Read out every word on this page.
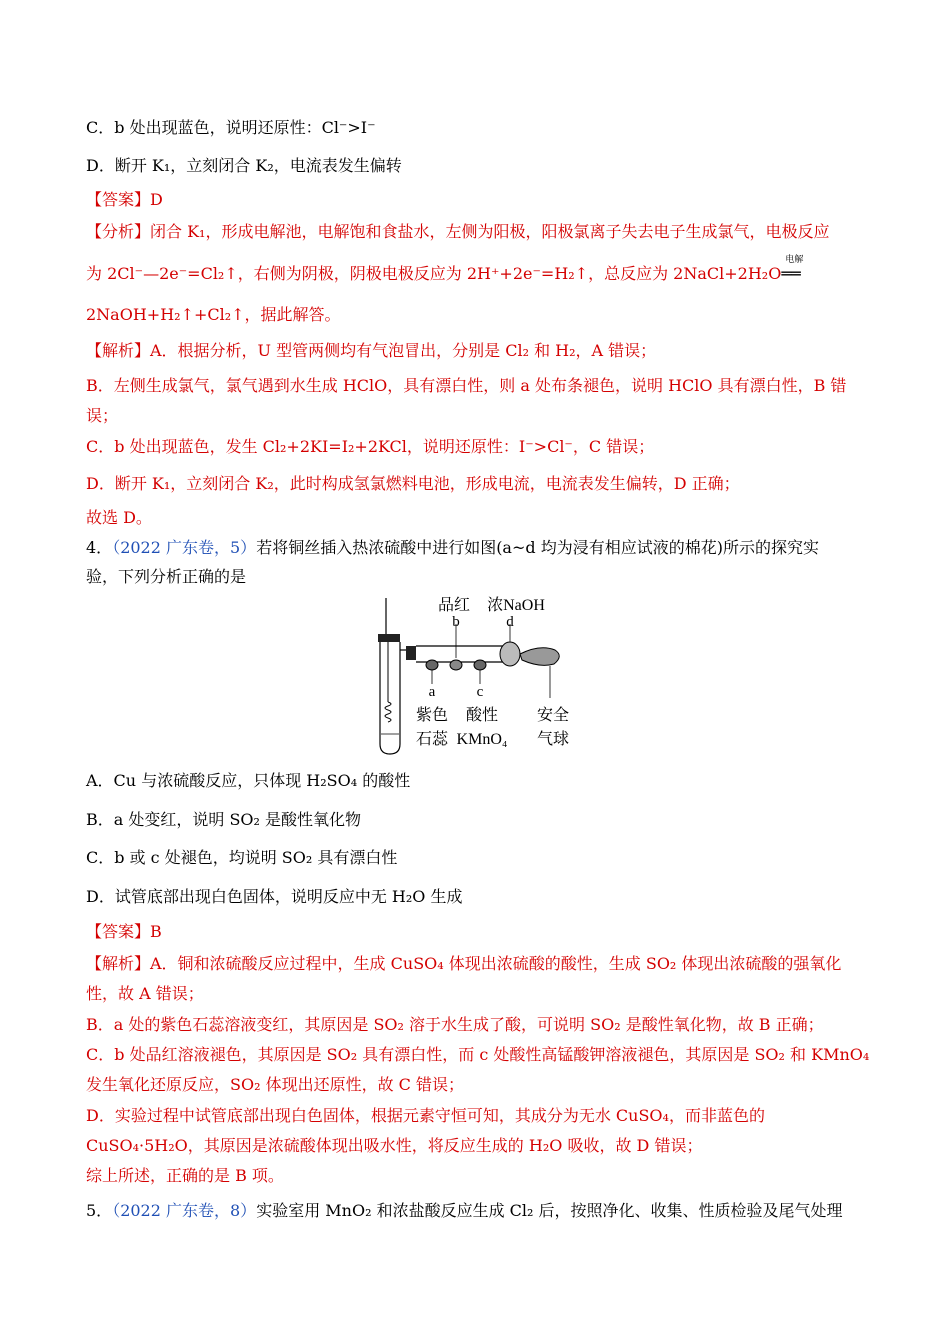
C．b 处出现蓝色，说明还原性：Cl⁻>I⁻
D．断开 K₁，立刻闭合 K₂，电流表发生偏转
【答案】D
【分析】闭合 K₁，形成电解池，电解饱和食盐水，左侧为阳极，阳极氯离子失去电子生成氯气，电极反应
为 2Cl⁻—2e⁻=Cl₂↑，右侧为阴极，阴极电极反应为 2H⁺+2e⁻=H₂↑，总反应为 2NaCl+2H₂O
电解
══
2NaOH+H₂↑+Cl₂↑，据此解答。
【解析】A．根据分析，U 型管两侧均有气泡冒出，分别是 Cl₂ 和 H₂，A 错误；
B．左侧生成氯气，氯气遇到水生成 HClO，具有漂白性，则 a 处布条褪色，说明 HClO 具有漂白性，B 错
误；
C．b 处出现蓝色，发生 Cl₂+2KI=I₂+2KCl，说明还原性：I⁻>Cl⁻，C 错误；
D．断开 K₁，立刻闭合 K₂，此时构成氢氯燃料电池，形成电流，电流表发生偏转，D 正确；
故选 D。
4．（2022 广东卷，5）若将铜丝插入热浓硫酸中进行如图(a~d 均为浸有相应试液的棉花)所示的探究实
验，下列分析正确的是
品红 浓NaOH
b	d
a	c
紫色
石蕊
酸性
KMnO₄
安全
气球
A．Cu 与浓硫酸反应，只体现 H₂SO₄ 的酸性
B．a 处变红，说明 SO₂ 是酸性氧化物
C．b 或 c 处褪色，均说明 SO₂ 具有漂白性
D．试管底部出现白色固体，说明反应中无 H₂O 生成
【答案】B
【解析】A．铜和浓硫酸反应过程中，生成 CuSO₄ 体现出浓硫酸的酸性，生成 SO₂ 体现出浓硫酸的强氧化
性，故 A 错误；
B．a 处的紫色石蕊溶液变红，其原因是 SO₂ 溶于水生成了酸，可说明 SO₂ 是酸性氧化物，故 B 正确；
C．b 处品红溶液褪色，其原因是 SO₂ 具有漂白性，而 c 处酸性高锰酸钾溶液褪色，其原因是 SO₂ 和 KMnO₄
发生氧化还原反应，SO₂ 体现出还原性，故 C 错误；
D．实验过程中试管底部出现白色固体，根据元素守恒可知，其成分为无水 CuSO₄，而非蓝色的
CuSO₄·5H₂O，其原因是浓硫酸体现出吸水性，将反应生成的 H₂O 吸收，故 D 错误；
综上所述，正确的是 B 项。
5．（2022 广东卷，8）实验室用 MnO₂ 和浓盐酸反应生成 Cl₂ 后，按照净化、收集、性质检验及尾气处理
